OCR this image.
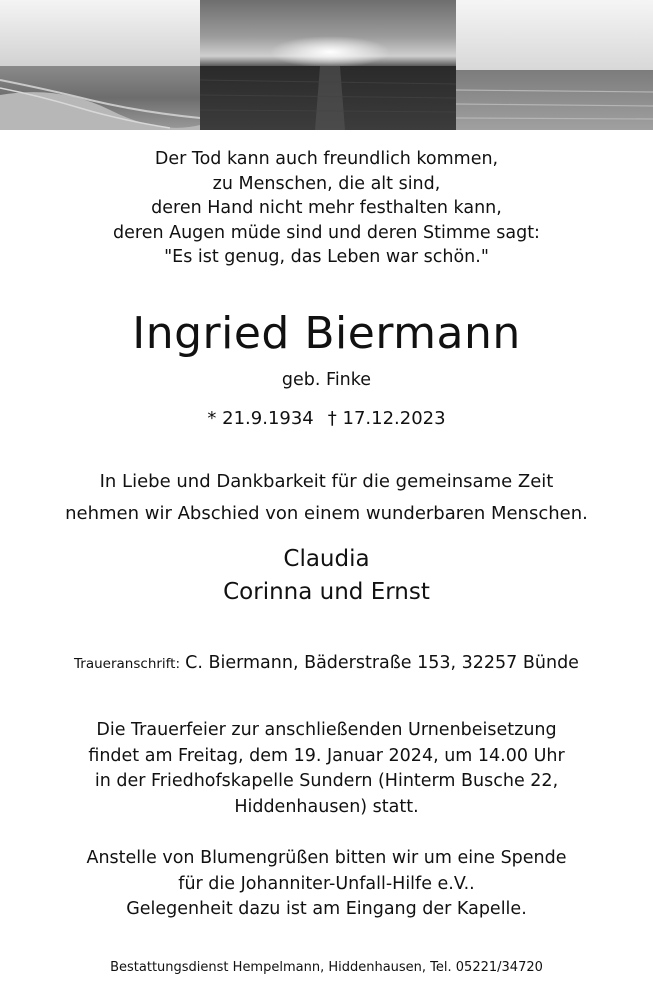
Der Tod kann auch freundlich kommen,
zu Menschen, die alt sind,
deren Hand nicht mehr festhalten kann,
deren Augen müde sind und deren Stimme sagt:
"Es ist genug, das Leben war schön."
Ingried Biermann
geb. Finke
* 21.9.1934 † 17.12.2023
In Liebe und Dankbarkeit für die gemeinsame Zeit
nehmen wir Abschied von einem wunderbaren Menschen.
Claudia
Corinna und Ernst
Traueranschrift: C. Biermann, Bäderstraße 153, 32257 Bünde
Die Trauerfeier zur anschließenden Urnenbeisetzung
findet am Freitag, dem 19. Januar 2024, um 14.00 Uhr
in der Friedhofskapelle Sundern (Hinterm Busche 22,
Hiddenhausen) statt.
Anstelle von Blumengrüßen bitten wir um eine Spende
für die Johanniter-Unfall-Hilfe e.V..
Gelegenheit dazu ist am Eingang der Kapelle.
Bestattungsdienst Hempelmann, Hiddenhausen, Tel. 05221/34720
